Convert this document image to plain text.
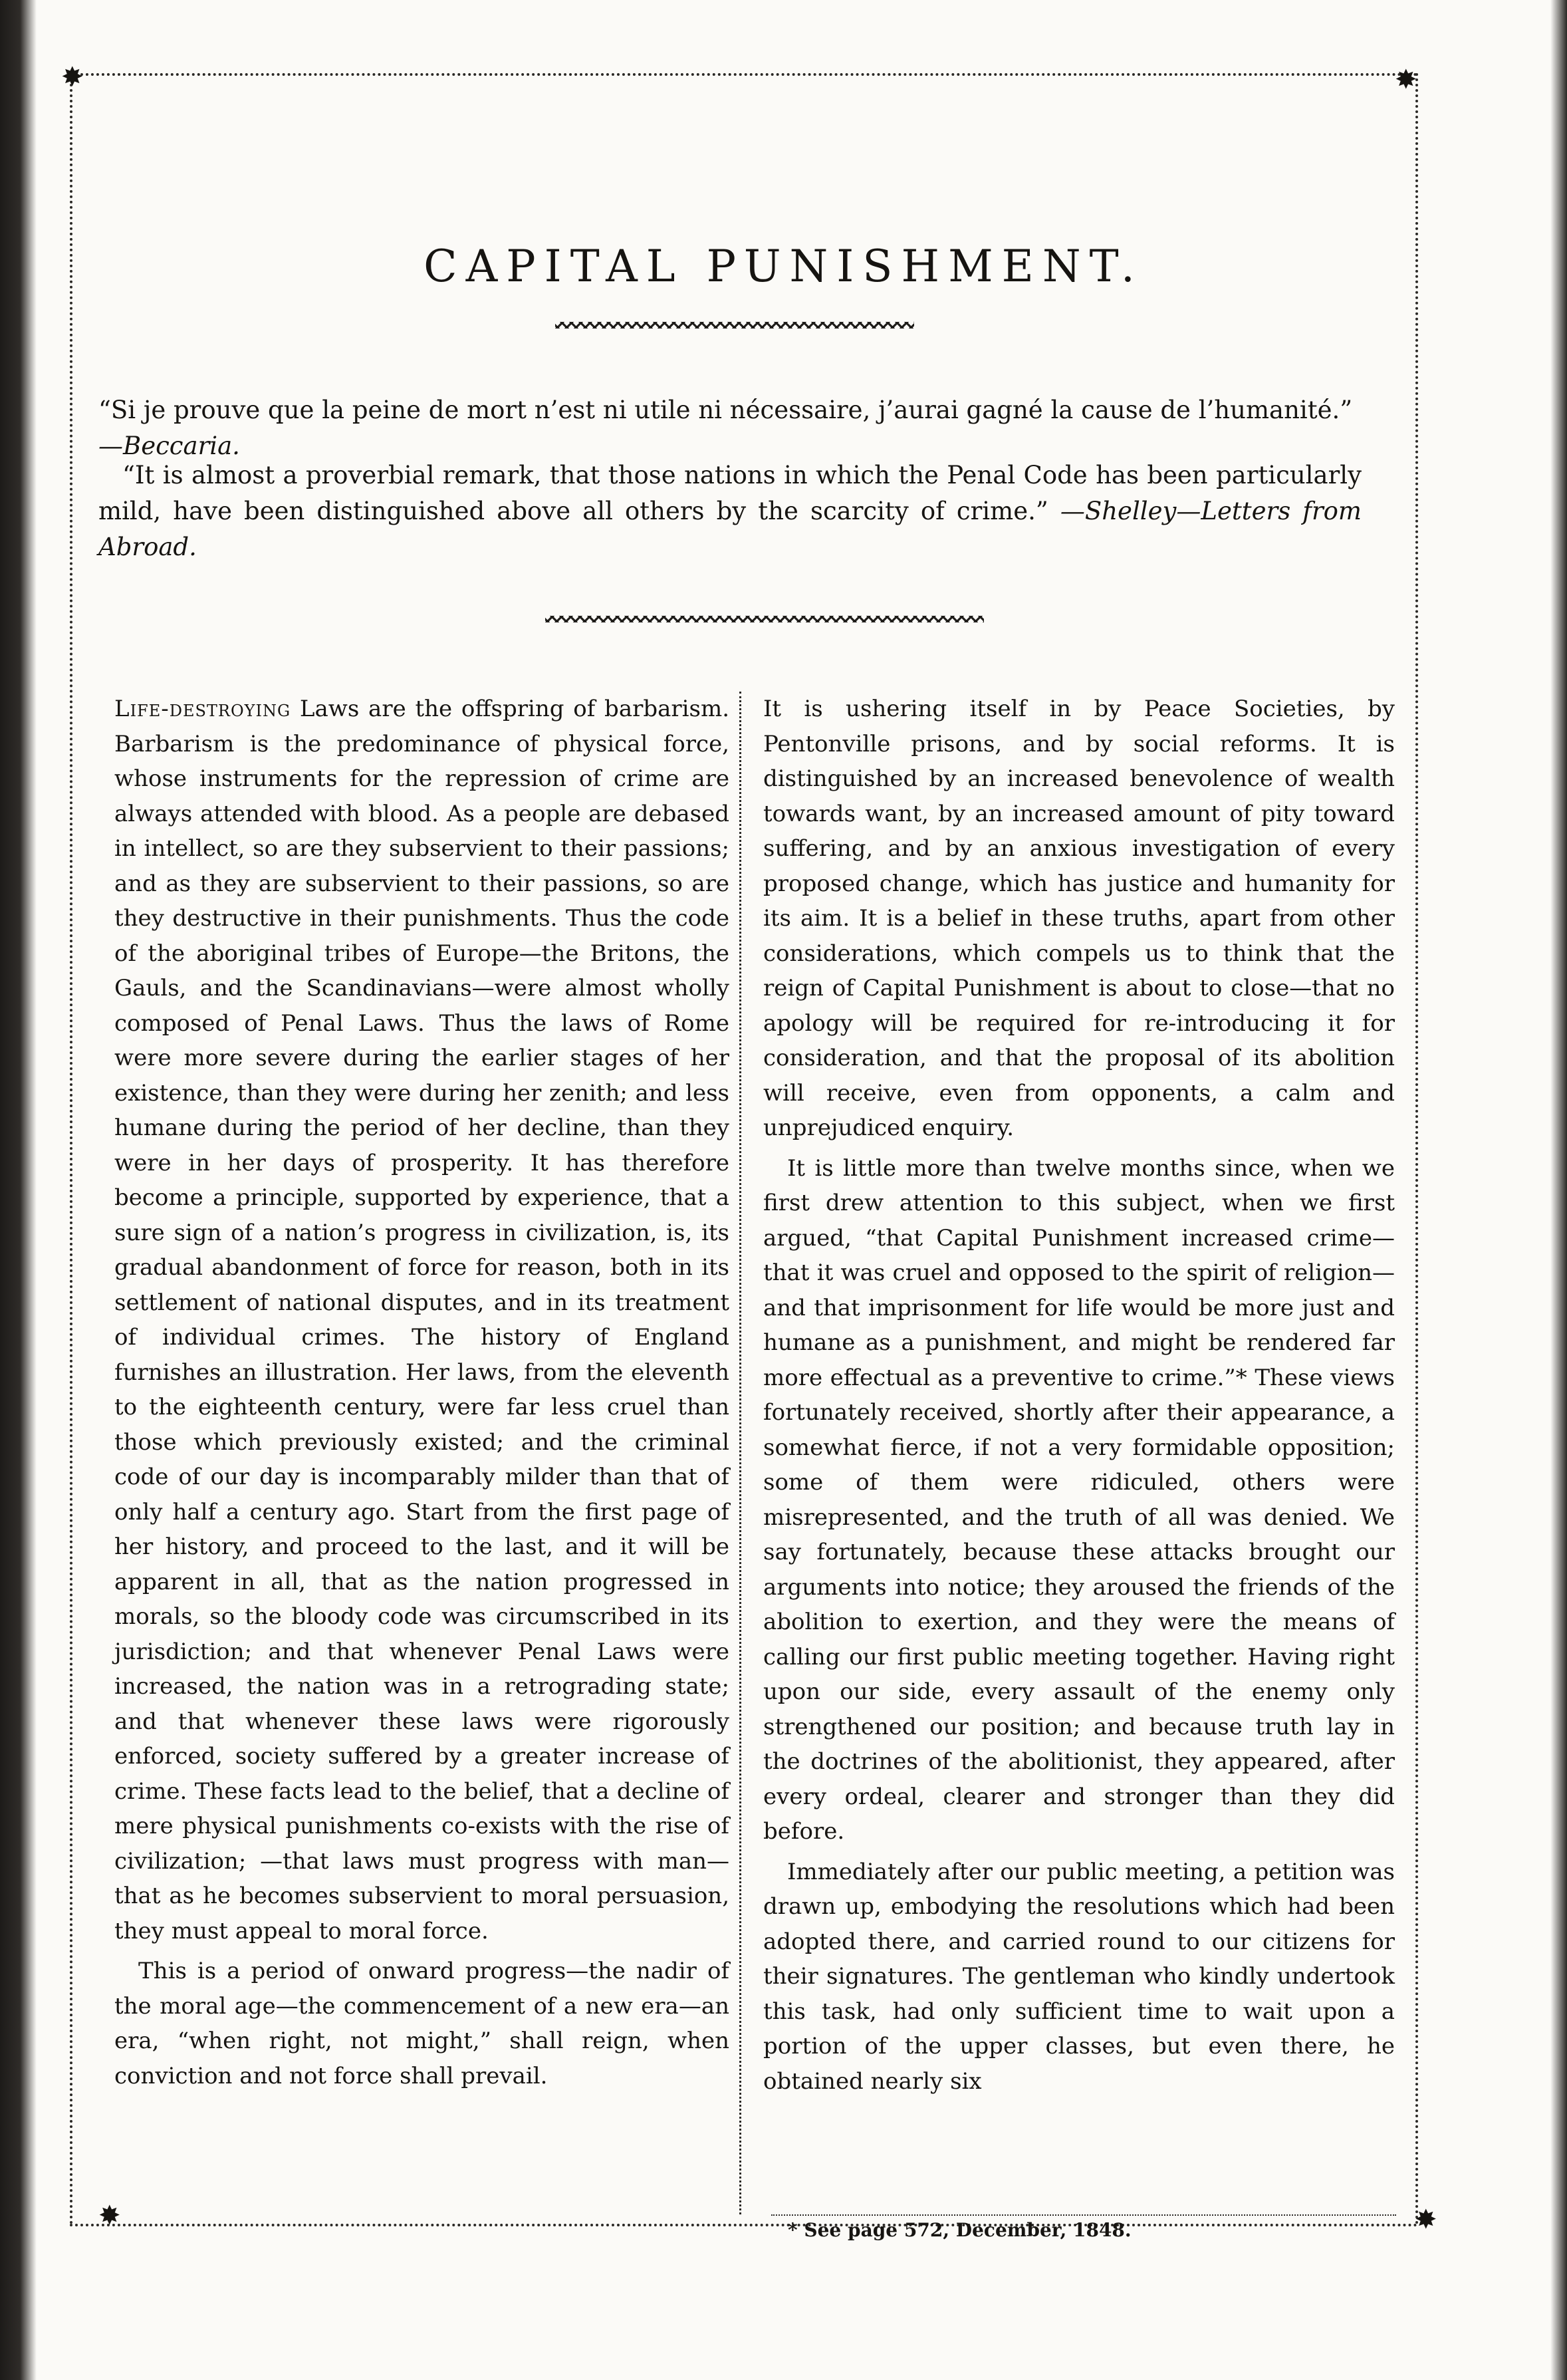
✸	✸
✸	✸
CAPITAL PUNISHMENT.
“Si je prouve que la peine de mort n’est ni utile ni nécessaire, j’aurai gagné la cause de l’humanité.”
—Beccaria.
“It is almost a proverbial remark, that those nations in which the Penal Code has been particularly mild, have been distinguished above all others by the scarcity of crime.” —Shelley—Letters from Abroad.

Life-destroying Laws are the offspring of barbarism. Barbarism is the predominance of physical force, whose instruments for the repression of crime are always attended with blood. As a people are debased in intellect, so are they subservient to their passions; and as they are subservient to their passions, so are they destructive in their punishments. Thus the code of the aboriginal tribes of Europe—the Britons, the Gauls, and the Scandinavians—were almost wholly composed of Penal Laws. Thus the laws of Rome were more severe during the earlier stages of her existence, than they were during her zenith; and less humane during the period of her decline, than they were in her days of prosperity. It has therefore become a principle, supported by experience, that a sure sign of a nation’s progress in civilization, is, its gradual abandonment of force for reason, both in its settlement of national disputes, and in its treatment of individual crimes. The history of England furnishes an illustration. Her laws, from the eleventh to the eighteenth century, were far less cruel than those which previously existed; and the criminal code of our day is incomparably milder than that of only half a century ago. Start from the first page of her history, and proceed to the last, and it will be apparent in all, that as the nation progressed in morals, so the bloody code was circumscribed in its jurisdiction; and that whenever Penal Laws were increased, the nation was in a retrograding state; and that whenever these laws were rigorously enforced, society suffered by a greater increase of crime. These facts lead to the belief, that a decline of mere physical punishments co-exists with the rise of civilization; —that laws must progress with man—that as he becomes subservient to moral persuasion, they must appeal to moral force.

This is a period of onward progress—the nadir of the moral age—the commencement of a new era—an era, “when right, not might,” shall reign, when conviction and not force shall prevail.

It is ushering itself in by Peace Societies, by Pentonville prisons, and by social reforms. It is distinguished by an increased benevolence of wealth towards want, by an increased amount of pity toward suffering, and by an anxious investigation of every proposed change, which has justice and humanity for its aim. It is a belief in these truths, apart from other considerations, which compels us to think that the reign of Capital Punishment is about to close—that no apology will be required for re-introducing it for consideration, and that the proposal of its abolition will receive, even from opponents, a calm and unprejudiced enquiry.

It is little more than twelve months since, when we first drew attention to this subject, when we first argued, “that Capital Punishment increased crime—that it was cruel and opposed to the spirit of religion—and that imprisonment for life would be more just and humane as a punishment, and might be rendered far more effectual as a preventive to crime.”* These views fortunately received, shortly after their appearance, a somewhat fierce, if not a very formidable opposition; some of them were ridiculed, others were misrepresented, and the truth of all was denied. We say fortunately, because these attacks brought our arguments into notice; they aroused the friends of the abolition to exertion, and they were the means of calling our first public meeting together. Having right upon our side, every assault of the enemy only strengthened our position; and because truth lay in the doctrines of the abolitionist, they appeared, after every ordeal, clearer and stronger than they did before.

Immediately after our public meeting, a petition was drawn up, embodying the resolutions which had been adopted there, and carried round to our citizens for their signatures. The gentleman who kindly undertook this task, had only sufficient time to wait upon a portion of the upper classes, but even there, he obtained nearly six

* See page 572, December, 1848.
